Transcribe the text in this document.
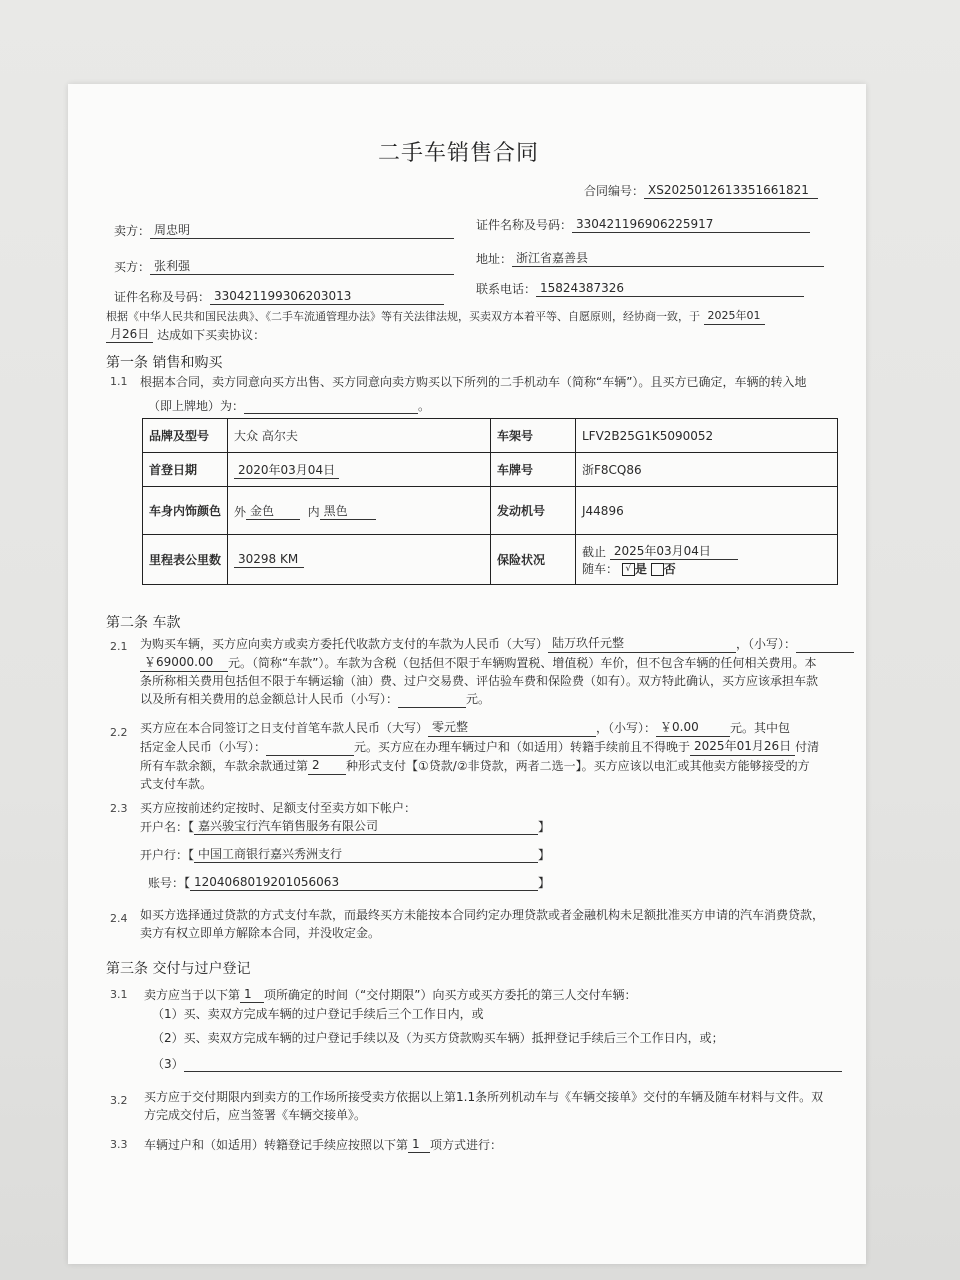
二手车销售合同
合同编号： XS2025012613351661821
卖方： 周忠明	证件名称及号码： 330421196906225917
买方： 张利强	地址： 浙江省嘉善县
证件名称及号码： 330421199306203013	联系电话： 15824387326
根据《中华人民共和国民法典》、《二手车流通管理办法》等有关法律法规，买卖双方本着平等、自愿原则，经协商一致，于 2025年01
月26日 达成如下买卖协议：
第一条 销售和购买
1.1 根据本合同，卖方同意向买方出售、买方同意向卖方购买以下所列的二手机动车（简称“车辆”）。且买方已确定，车辆的转入地
（即上牌地）为：	。
品牌及型号	大众 高尔夫	车架号	LFV2B25G1K5090052
首登日期	2020年03月04日	车牌号	浙F8CQ86
车身内饰颜色	外 金色 内 黑色	发动机号	J44896
里程表公里数	30298 KM	保险状况	截止 2025年03月04日
随车： √ 是 否
第二条 车款
2.1 为购买车辆，买方应向卖方或卖方委托代收款方支付的车款为人民币（大写） 陆万玖仟元整	，（小写）：
￥69000.00 元。（简称“车款”）。车款为含税（包括但不限于车辆购置税、增值税）车价，但不包含车辆的任何相关费用。本
条所称相关费用包括但不限于车辆运输（油）费、过户交易费、评估验车费和保险费（如有）。双方特此确认，买方应该承担车款
以及所有相关费用的总金额总计人民币（小写）：	元。
2.2 买方应在本合同签订之日支付首笔车款人民币（大写） 零元整	，（小写）： ￥0.00	元。其中包
括定金人民币（小写）：	元。买方应在办理车辆过户和（如适用）转籍手续前且不得晚于 2025年01月26日 付清
所有车款余额，车款余款通过第 2 种形式支付【①贷款/②非贷款，两者二选一】。买方应该以电汇或其他卖方能够接受的方
式支付车款。
2.3 买方应按前述约定按时、足额支付至卖方如下帐户：
开户名：【 嘉兴骏宝行汽车销售服务有限公司	】
开户行：【 中国工商银行嘉兴秀洲支行	】
账号：【 1204068019201056063	】
2.4 如买方选择通过贷款的方式支付车款，而最终买方未能按本合同约定办理贷款或者金融机构未足额批准买方申请的汽车消费贷款，
卖方有权立即单方解除本合同，并没收定金。
第三条 交付与过户登记
3.1 卖方应当于以下第 1 项所确定的时间（“交付期限”）向买方或买方委托的第三人交付车辆：
（1）买、卖双方完成车辆的过户登记手续后三个工作日内，或
（2）买、卖双方完成车辆的过户登记手续以及（为买方贷款购买车辆）抵押登记手续后三个工作日内，或；
（3）
3.2 买方应于交付期限内到卖方的工作场所接受卖方依据以上第1.1条所列机动车与《车辆交接单》交付的车辆及随车材料与文件。双
方完成交付后，应当签署《车辆交接单》。
3.3 车辆过户和（如适用）转籍登记手续应按照以下第 1 项方式进行：
